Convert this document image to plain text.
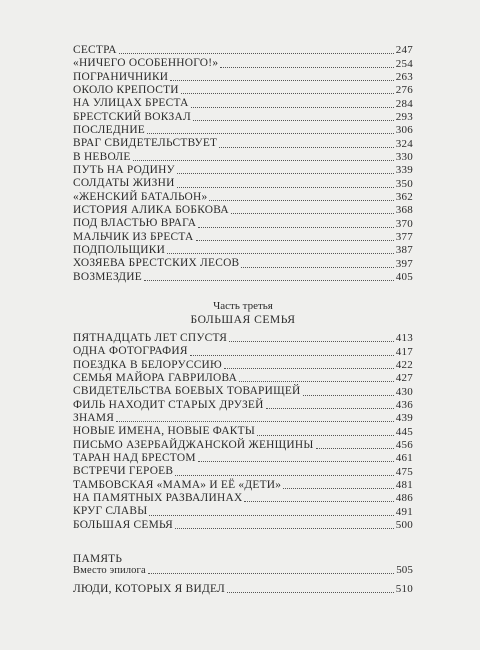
СЕСТРА	247
«НИЧЕГО ОСОБЕННОГО!»	254
ПОГРАНИЧНИКИ	263
ОКОЛО КРЕПОСТИ	276
НА УЛИЦАХ БРЕСТА	284
БРЕСТСКИЙ ВОКЗАЛ	293
ПОСЛЕДНИЕ	306
ВРАГ СВИДЕТЕЛЬСТВУЕТ	324
В НЕВОЛЕ	330
ПУТЬ НА РОДИНУ	339
СОЛДАТЫ ЖИЗНИ	350
«ЖЕНСКИЙ БАТАЛЬОН»	362
ИСТОРИЯ АЛИКА БОБКОВА	368
ПОД ВЛАСТЬЮ ВРАГА	370
МАЛЬЧИК ИЗ БРЕСТА	377
ПОДПОЛЬЩИКИ	387
ХОЗЯЕВА БРЕСТСКИХ ЛЕСОВ	397
ВОЗМЕЗДИЕ	405
Часть третья
БОЛЬШАЯ СЕМЬЯ
ПЯТНАДЦАТЬ ЛЕТ СПУСТЯ	413
ОДНА ФОТОГРАФИЯ	417
ПОЕЗДКА В БЕЛОРУССИЮ	422
СЕМЬЯ МАЙОРА ГАВРИЛОВА	427
СВИДЕТЕЛЬСТВА БОЕВЫХ ТОВАРИЩЕЙ	430
ФИЛЬ НАХОДИТ СТАРЫХ ДРУЗЕЙ	436
ЗНАМЯ	439
НОВЫЕ ИМЕНА, НОВЫЕ ФАКТЫ	445
ПИСЬМО АЗЕРБАЙДЖАНСКОЙ ЖЕНЩИНЫ	456
ТАРАН НАД БРЕСТОМ	461
ВСТРЕЧИ ГЕРОЕВ	475
ТАМБОВСКАЯ «МАМА» И ЕЁ «ДЕТИ»	481
НА ПАМЯТНЫХ РАЗВАЛИНАХ	486
КРУГ СЛАВЫ	491
БОЛЬШАЯ СЕМЬЯ	500
ПАМЯТЬ
Вместо эпилога	505
ЛЮДИ, КОТОРЫХ Я ВИДЕЛ	510
